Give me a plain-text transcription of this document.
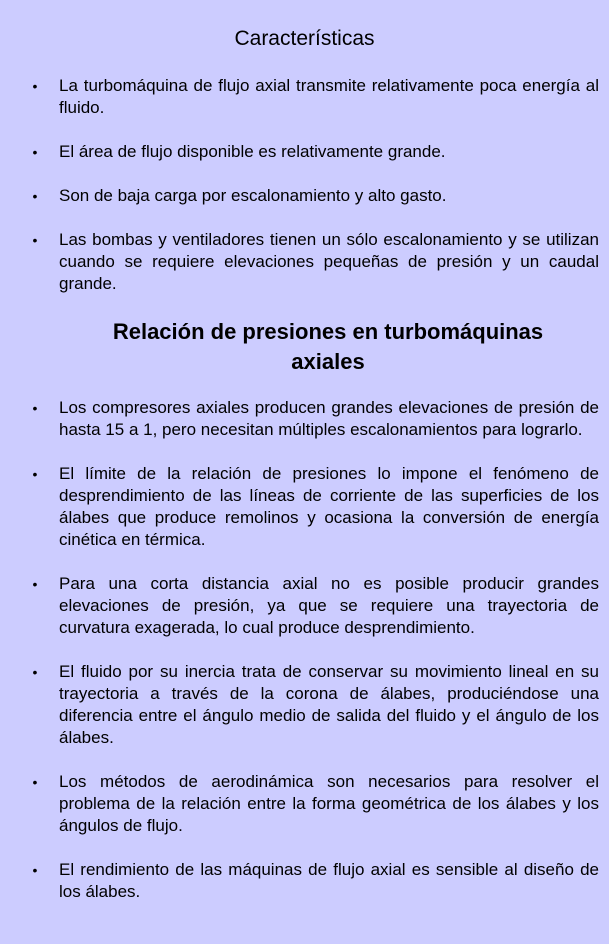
Características
• La turbomáquina de flujo axial transmite relativamente poca energía al fluido.
• El área de flujo disponible es relativamente grande.
• Son de baja carga por escalonamiento y alto gasto.
• Las bombas y ventiladores tienen un sólo escalonamiento y se utilizan cuando se requiere elevaciones pequeñas de presión y un caudal grande.
Relación de presiones en turbomáquinas axiales
• Los compresores axiales producen grandes elevaciones de presión de hasta 15 a 1, pero necesitan múltiples escalonamientos para lograrlo.
• El límite de la relación de presiones lo impone el fenómeno de desprendimiento de las líneas de corriente de las superficies de los álabes que produce remolinos y ocasiona la conversión de energía cinética en térmica.
• Para una corta distancia axial no es posible producir grandes elevaciones de presión, ya que se requiere una trayectoria de curvatura exagerada, lo cual produce desprendimiento.
• El fluido por su inercia trata de conservar su movimiento lineal en su trayectoria a través de la corona de álabes, produciéndose una diferencia entre el ángulo medio de salida del fluido y el ángulo de los álabes.
• Los métodos de aerodinámica son necesarios para resolver el problema de la relación entre la forma geométrica de los álabes y los ángulos de flujo.
• El rendimiento de las máquinas de flujo axial es sensible al diseño de los álabes.
